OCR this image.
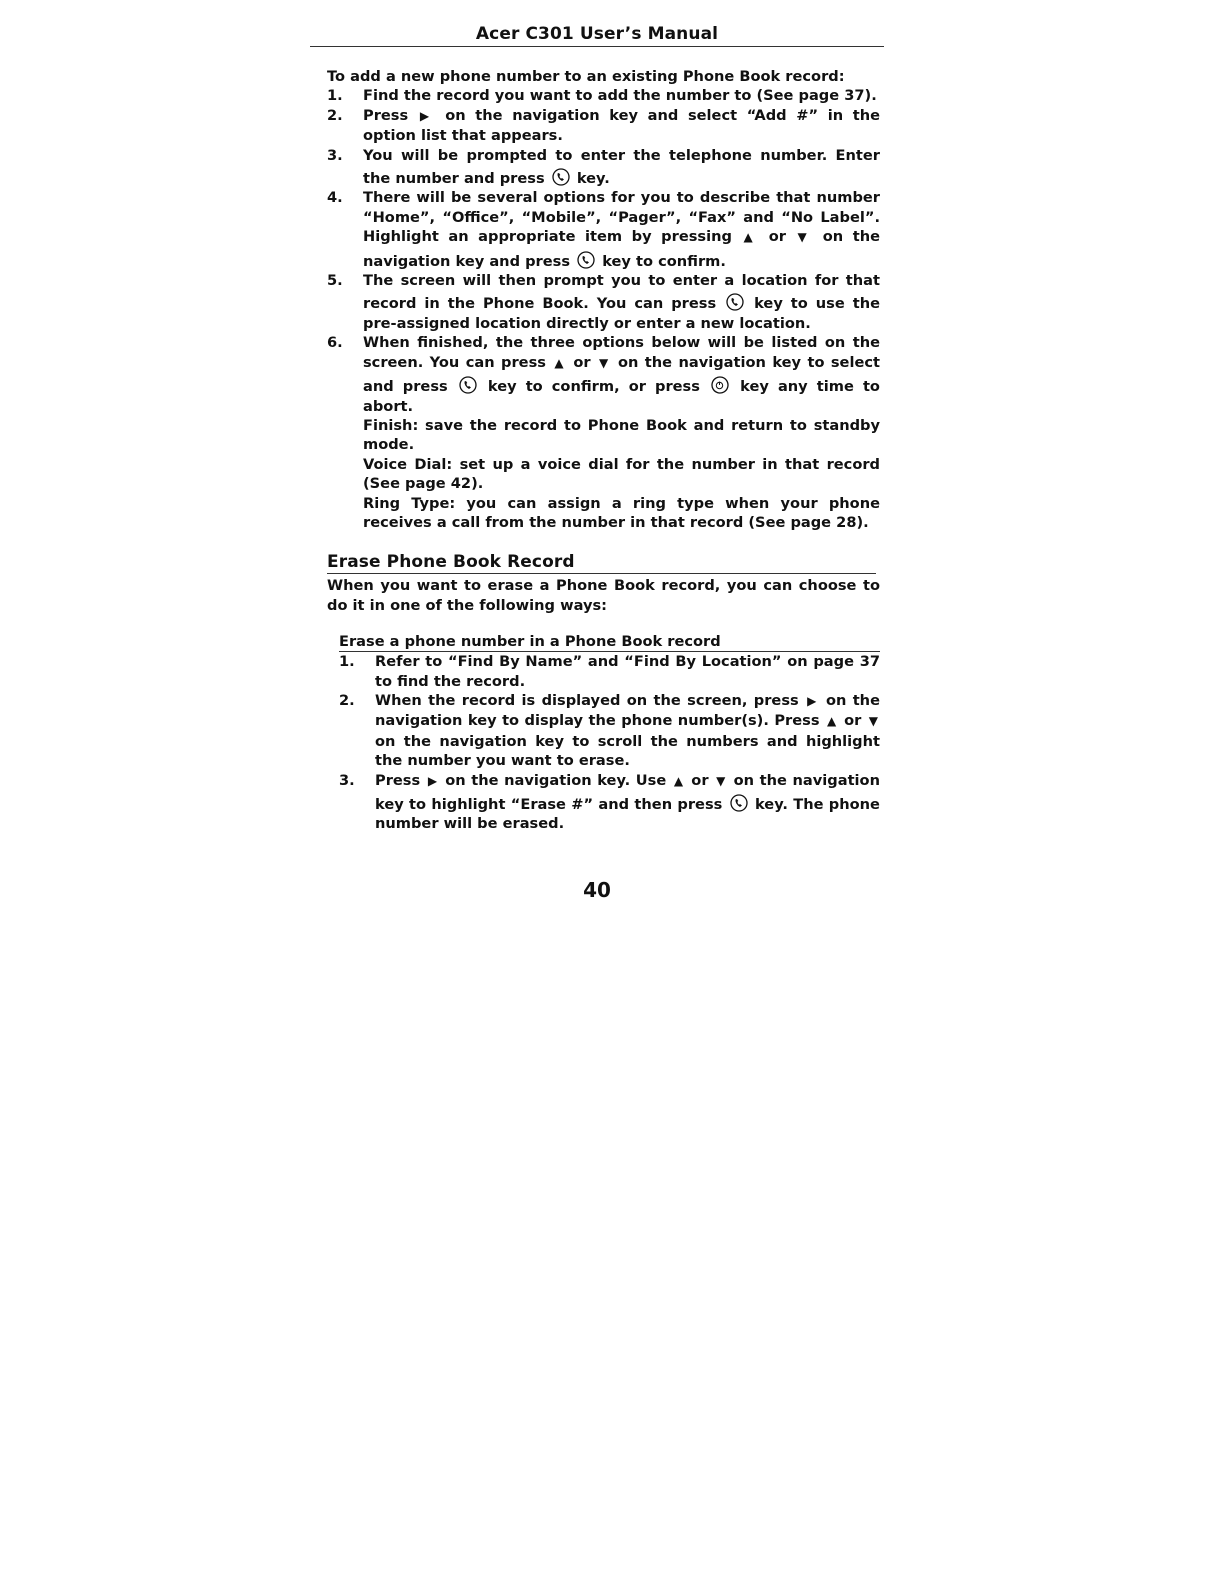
Acer C301 User’s Manual

To add a new phone number to an existing Phone Book record:

1. Find the record you want to add the number to (See page 37).
2. Press ▶ on the navigation key and select “Add #” in the option list that appears.
3. You will be prompted to enter the telephone number. Enter the number and press key.
4. There will be several options for you to describe that number “Home”, “Office”, “Mobile”, “Pager”, “Fax” and “No Label”. Highlight an appropriate item by pressing ▲ or ▼ on the navigation key and press key to confirm.
5. The screen will then prompt you to enter a location for that record in the Phone Book. You can press	key to use the pre-assigned location directly or enter a new location.
6. When finished, the three options below will be listed on the screen. You can press ▲ or ▼ on the navigation key to select and press	key to confirm, or press	key any time to abort.

Finish: save the record to Phone Book and return to standby mode.

Voice Dial: set up a voice dial for the number in that record (See page 42).

Ring Type: you can assign a ring type when your phone receives a call from the number in that record (See page 28).

Erase Phone Book Record

When you want to erase a Phone Book record, you can choose to do it in one of the following ways:

Erase a phone number in a Phone Book record
1. Refer to “Find By Name” and “Find By Location” on page 37 to find the record.
2. When the record is displayed on the screen, press ▶ on the navigation key to display the phone number(s). Press ▲ or ▼ on the navigation key to scroll the numbers and highlight the number you want to erase.
3. Press ▶ on the navigation key. Use ▲ or ▼ on the navigation key to highlight “Erase #” and then press key. The phone number will be erased.
40
